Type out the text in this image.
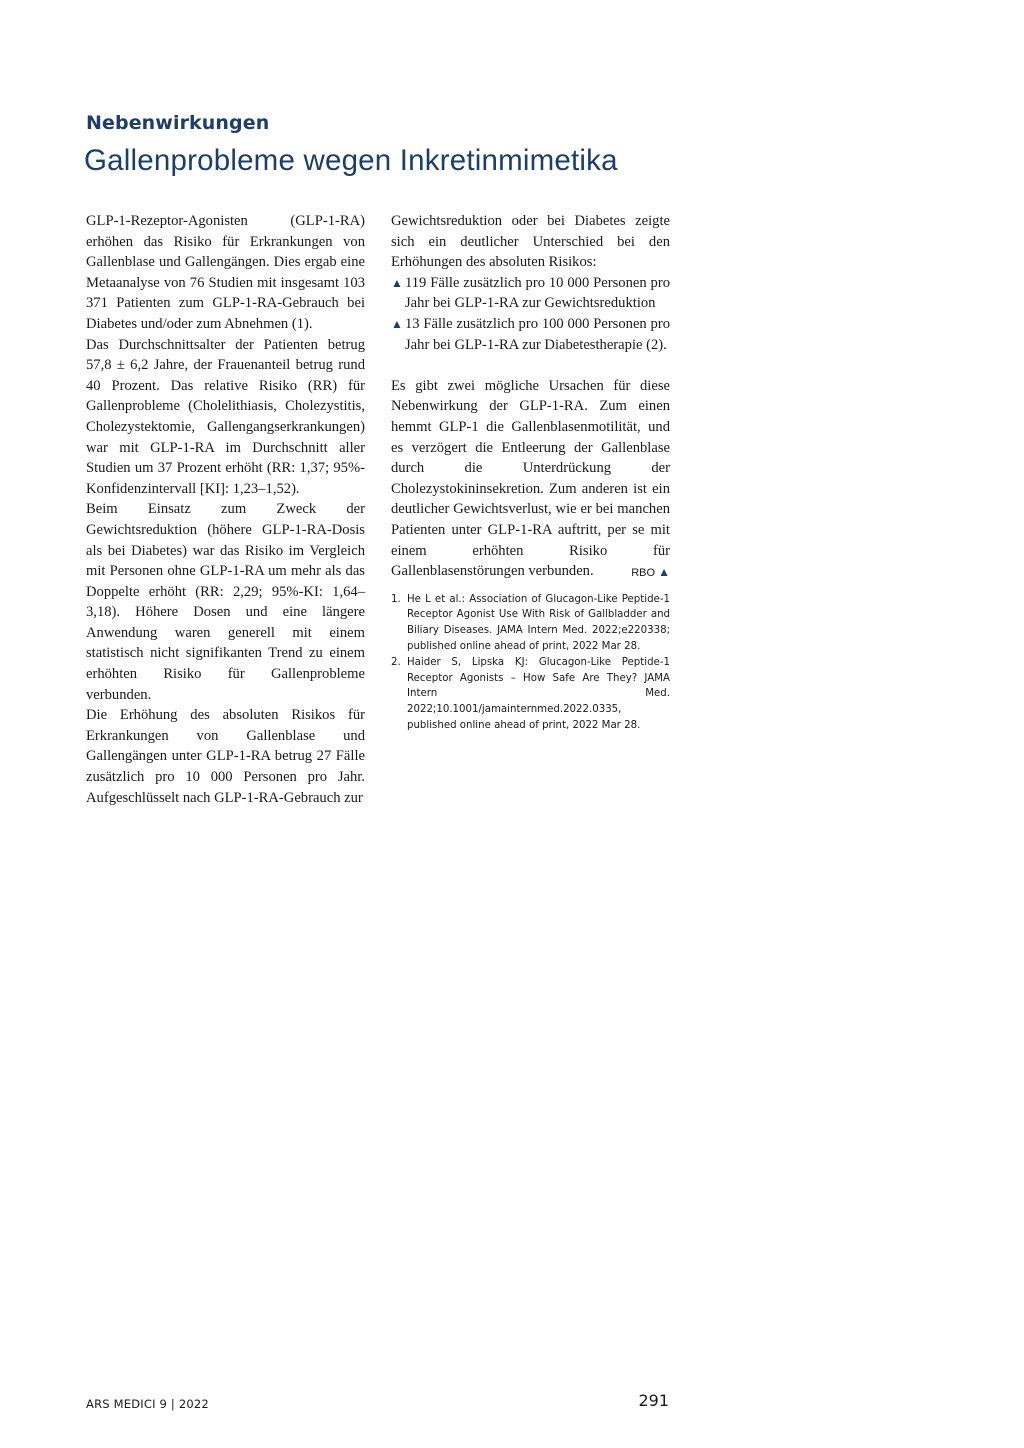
Nebenwirkungen
Gallenprobleme wegen Inkretinmimetika

GLP-1-Rezeptor-Agonisten (GLP-1-RA) erhöhen das Risiko für Erkrankungen von Gallenblase und Gallengängen. Dies ergab eine Metaanalyse von 76 Studien mit insgesamt 103 371 Patienten zum GLP-1-RA-Gebrauch bei Diabetes und/oder zum Abnehmen (1).

Das Durchschnittsalter der Patienten betrug 57,8 ± 6,2 Jahre, der Frauenanteil betrug rund 40 Prozent. Das relative Risiko (RR) für Gallenprobleme (Cholelithiasis, Cholezystitis, Cholezystektomie, Gallengangserkrankungen) war mit GLP-1-RA im Durchschnitt aller Studien um 37 Prozent erhöht (RR: 1,37; 95%-Konfidenzintervall [KI]: 1,23–1,52).

Beim Einsatz zum Zweck der Gewichtsreduktion (höhere GLP-1-RA-Dosis als bei Diabetes) war das Risiko im Vergleich mit Personen ohne GLP-1-RA um mehr als das Doppelte erhöht (RR: 2,29; 95%-KI: 1,64–3,18). Höhere Dosen und eine längere Anwendung waren generell mit einem statistisch nicht signifikanten Trend zu einem erhöhten Risiko für Gallenprobleme verbunden.

Die Erhöhung des absoluten Risikos für Erkrankungen von Gallenblase und Gallengängen unter GLP-1-RA betrug 27 Fälle zusätzlich pro 10 000 Personen pro Jahr. Aufgeschlüsselt nach GLP-1-RA-Gebrauch zur

Gewichtsreduktion oder bei Diabetes zeigte sich ein deutlicher Unterschied bei den Erhöhungen des absoluten Risikos:

▲ 119 Fälle zusätzlich pro 10 000 Personen pro Jahr bei GLP-1-RA zur Gewichtsreduktion
▲ 13 Fälle zusätzlich pro 100 000 Personen pro Jahr bei GLP-1-RA zur Diabetestherapie (2).

Es gibt zwei mögliche Ursachen für diese Nebenwirkung der GLP-1-RA. Zum einen hemmt GLP-1 die Gallenblasenmotilität, und es verzögert die Entleerung der Gallenblase durch die Unterdrückung der Cholezystokininsekretion. Zum anderen ist ein deutlicher Gewichtsverlust, wie er bei manchen Patienten unter GLP-1-RA auftritt, per se mit einem erhöhten Risiko für Gallenblasenstörungen verbunden.	RBO ▲

1. He L et al.: Association of Glucagon-Like Peptide-1 Receptor Agonist Use With Risk of Gallbladder and Biliary Diseases. JAMA Intern Med. 2022;e220338; published online ahead of print, 2022 Mar 28.
2. Haider S, Lipska KJ: Glucagon-Like Peptide-1 Receptor Agonists – How Safe Are They? JAMA Intern Med. 2022;10.1001/jamainternmed.2022.0335, published online ahead of print, 2022 Mar 28.
ARS MEDICI 9 | 2022	291
